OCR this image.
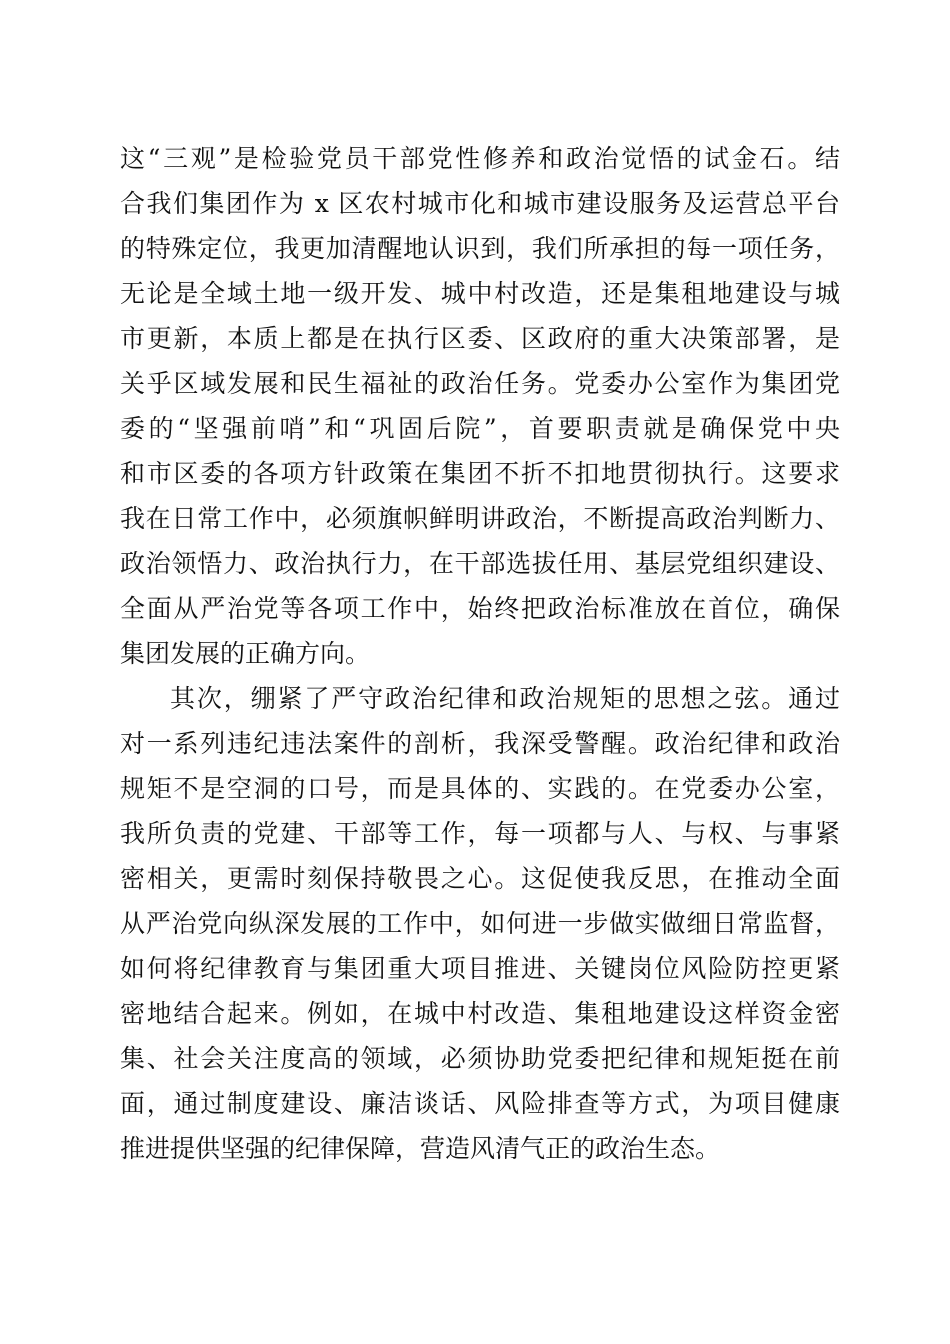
这“三观”是检验党员干部党性修养和政治觉悟的试金石。结
合我们集团作为 x 区农村城市化和城市建设服务及运营总平台
的特殊定位，我更加清醒地认识到，我们所承担的每一项任务，
无论是全域土地一级开发、城中村改造，还是集租地建设与城
市更新，本质上都是在执行区委、区政府的重大决策部署，是
关乎区域发展和民生福祉的政治任务。党委办公室作为集团党
委的“坚强前哨”和“巩固后院”，首要职责就是确保党中央
和市区委的各项方针政策在集团不折不扣地贯彻执行。这要求
我在日常工作中，必须旗帜鲜明讲政治，不断提高政治判断力、
政治领悟力、政治执行力，在干部选拔任用、基层党组织建设、
全面从严治党等各项工作中，始终把政治标准放在首位，确保
集团发展的正确方向。
其次，绷紧了严守政治纪律和政治规矩的思想之弦。通过
对一系列违纪违法案件的剖析，我深受警醒。政治纪律和政治
规矩不是空洞的口号，而是具体的、实践的。在党委办公室，
我所负责的党建、干部等工作，每一项都与人、与权、与事紧
密相关，更需时刻保持敬畏之心。这促使我反思，在推动全面
从严治党向纵深发展的工作中，如何进一步做实做细日常监督，
如何将纪律教育与集团重大项目推进、关键岗位风险防控更紧
密地结合起来。例如，在城中村改造、集租地建设这样资金密
集、社会关注度高的领域，必须协助党委把纪律和规矩挺在前
面，通过制度建设、廉洁谈话、风险排查等方式，为项目健康
推进提供坚强的纪律保障，营造风清气正的政治生态。
